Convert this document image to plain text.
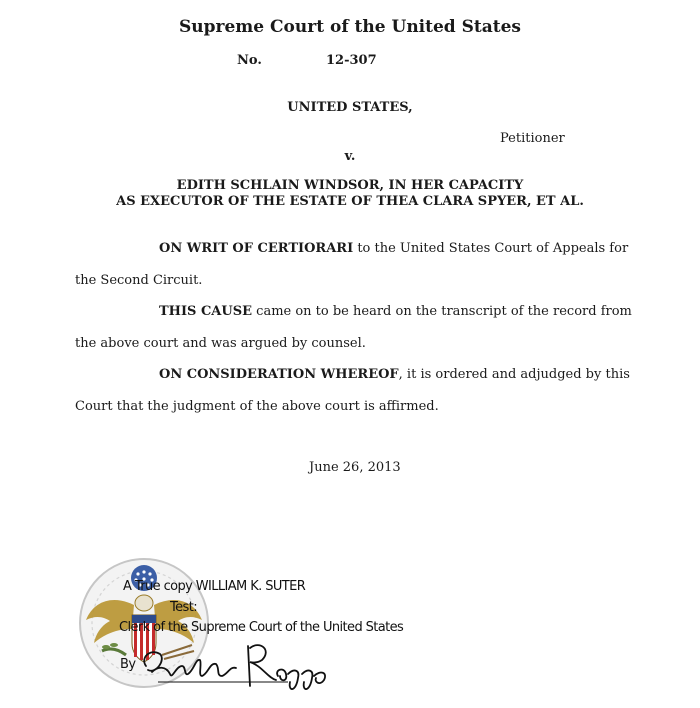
Supreme Court of the United States
No.	12-307
UNITED STATES,
Petitioner
v.
EDITH SCHLAIN WINDSOR, IN HER CAPACITY
AS EXECUTOR OF THE ESTATE OF THEA CLARA SPYER, ET AL.
ON WRIT OF CERTIORARI to the United States Court of Appeals for
the Second Circuit.
THIS CAUSE came on to be heard on the transcript of the record from
the above court and was argued by counsel.
ON CONSIDERATION WHEREOF, it is ordered and adjudged by this
Court that the judgment of the above court is affirmed.
June 26, 2013
A True copy WILLIAM K. SUTER
Test:
Clerk of the Supreme Court of the United States
By
